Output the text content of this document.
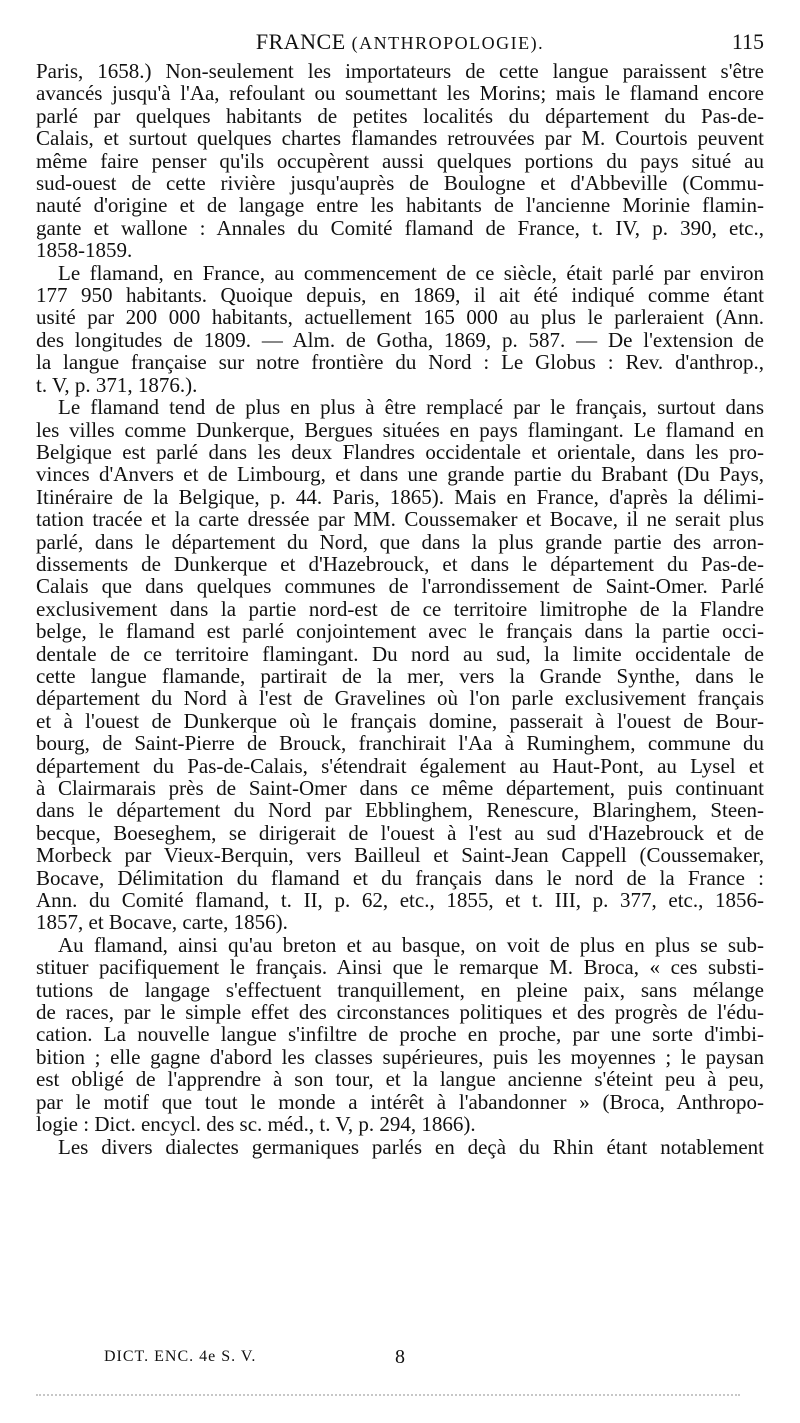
FRANCE (ANTHROPOLOGIE).	115
Paris, 1658.) Non-seulement les importateurs de cette langue paraissent s'être
avancés jusqu'à l'Aa, refoulant ou soumettant les Morins; mais le flamand encore
parlé par quelques habitants de petites localités du département du Pas-de-
Calais, et surtout quelques chartes flamandes retrouvées par M. Courtois peuvent
même faire penser qu'ils occupèrent aussi quelques portions du pays situé au
sud-ouest de cette rivière jusqu'auprès de Boulogne et d'Abbeville (Commu-
nauté d'origine et de langage entre les habitants de l'ancienne Morinie flamin-
gante et wallone : Annales du Comité flamand de France, t. IV, p. 390, etc.,
1858-1859.
Le flamand, en France, au commencement de ce siècle, était parlé par environ
177 950 habitants. Quoique depuis, en 1869, il ait été indiqué comme étant
usité par 200 000 habitants, actuellement 165 000 au plus le parleraient (Ann.
des longitudes de 1809. — Alm. de Gotha, 1869, p. 587. — De l'extension de
la langue française sur notre frontière du Nord : Le Globus : Rev. d'anthrop.,
t. V, p. 371, 1876.).
Le flamand tend de plus en plus à être remplacé par le français, surtout dans
les villes comme Dunkerque, Bergues situées en pays flamingant. Le flamand en
Belgique est parlé dans les deux Flandres occidentale et orientale, dans les pro-
vinces d'Anvers et de Limbourg, et dans une grande partie du Brabant (Du Pays,
Itinéraire de la Belgique, p. 44. Paris, 1865). Mais en France, d'après la délimi-
tation tracée et la carte dressée par MM. Coussemaker et Bocave, il ne serait plus
parlé, dans le département du Nord, que dans la plus grande partie des arron-
dissements de Dunkerque et d'Hazebrouck, et dans le département du Pas-de-
Calais que dans quelques communes de l'arrondissement de Saint-Omer. Parlé
exclusivement dans la partie nord-est de ce territoire limitrophe de la Flandre
belge, le flamand est parlé conjointement avec le français dans la partie occi-
dentale de ce territoire flamingant. Du nord au sud, la limite occidentale de
cette langue flamande, partirait de la mer, vers la Grande Synthe, dans le
département du Nord à l'est de Gravelines où l'on parle exclusivement français
et à l'ouest de Dunkerque où le français domine, passerait à l'ouest de Bour-
bourg, de Saint-Pierre de Brouck, franchirait l'Aa à Ruminghem, commune du
département du Pas-de-Calais, s'étendrait également au Haut-Pont, au Lysel et
à Clairmarais près de Saint-Omer dans ce même département, puis continuant
dans le département du Nord par Ebblinghem, Renescure, Blaringhem, Steen-
becque, Boeseghem, se dirigerait de l'ouest à l'est au sud d'Hazebrouck et de
Morbeck par Vieux-Berquin, vers Bailleul et Saint-Jean Cappell (Coussemaker,
Bocave, Délimitation du flamand et du français dans le nord de la France :
Ann. du Comité flamand, t. II, p. 62, etc., 1855, et t. III, p. 377, etc., 1856-
1857, et Bocave, carte, 1856).
Au flamand, ainsi qu'au breton et au basque, on voit de plus en plus se sub-
stituer pacifiquement le français. Ainsi que le remarque M. Broca, « ces substi-
tutions de langage s'effectuent tranquillement, en pleine paix, sans mélange
de races, par le simple effet des circonstances politiques et des progrès de l'édu-
cation. La nouvelle langue s'infiltre de proche en proche, par une sorte d'imbi-
bition ; elle gagne d'abord les classes supérieures, puis les moyennes ; le paysan
est obligé de l'apprendre à son tour, et la langue ancienne s'éteint peu à peu,
par le motif que tout le monde a intérêt à l'abandonner » (Broca, Anthropo-
logie : Dict. encycl. des sc. méd., t. V, p. 294, 1866).
Les divers dialectes germaniques parlés en deçà du Rhin étant notablement
DICT. ENC. 4e S. V.	8
